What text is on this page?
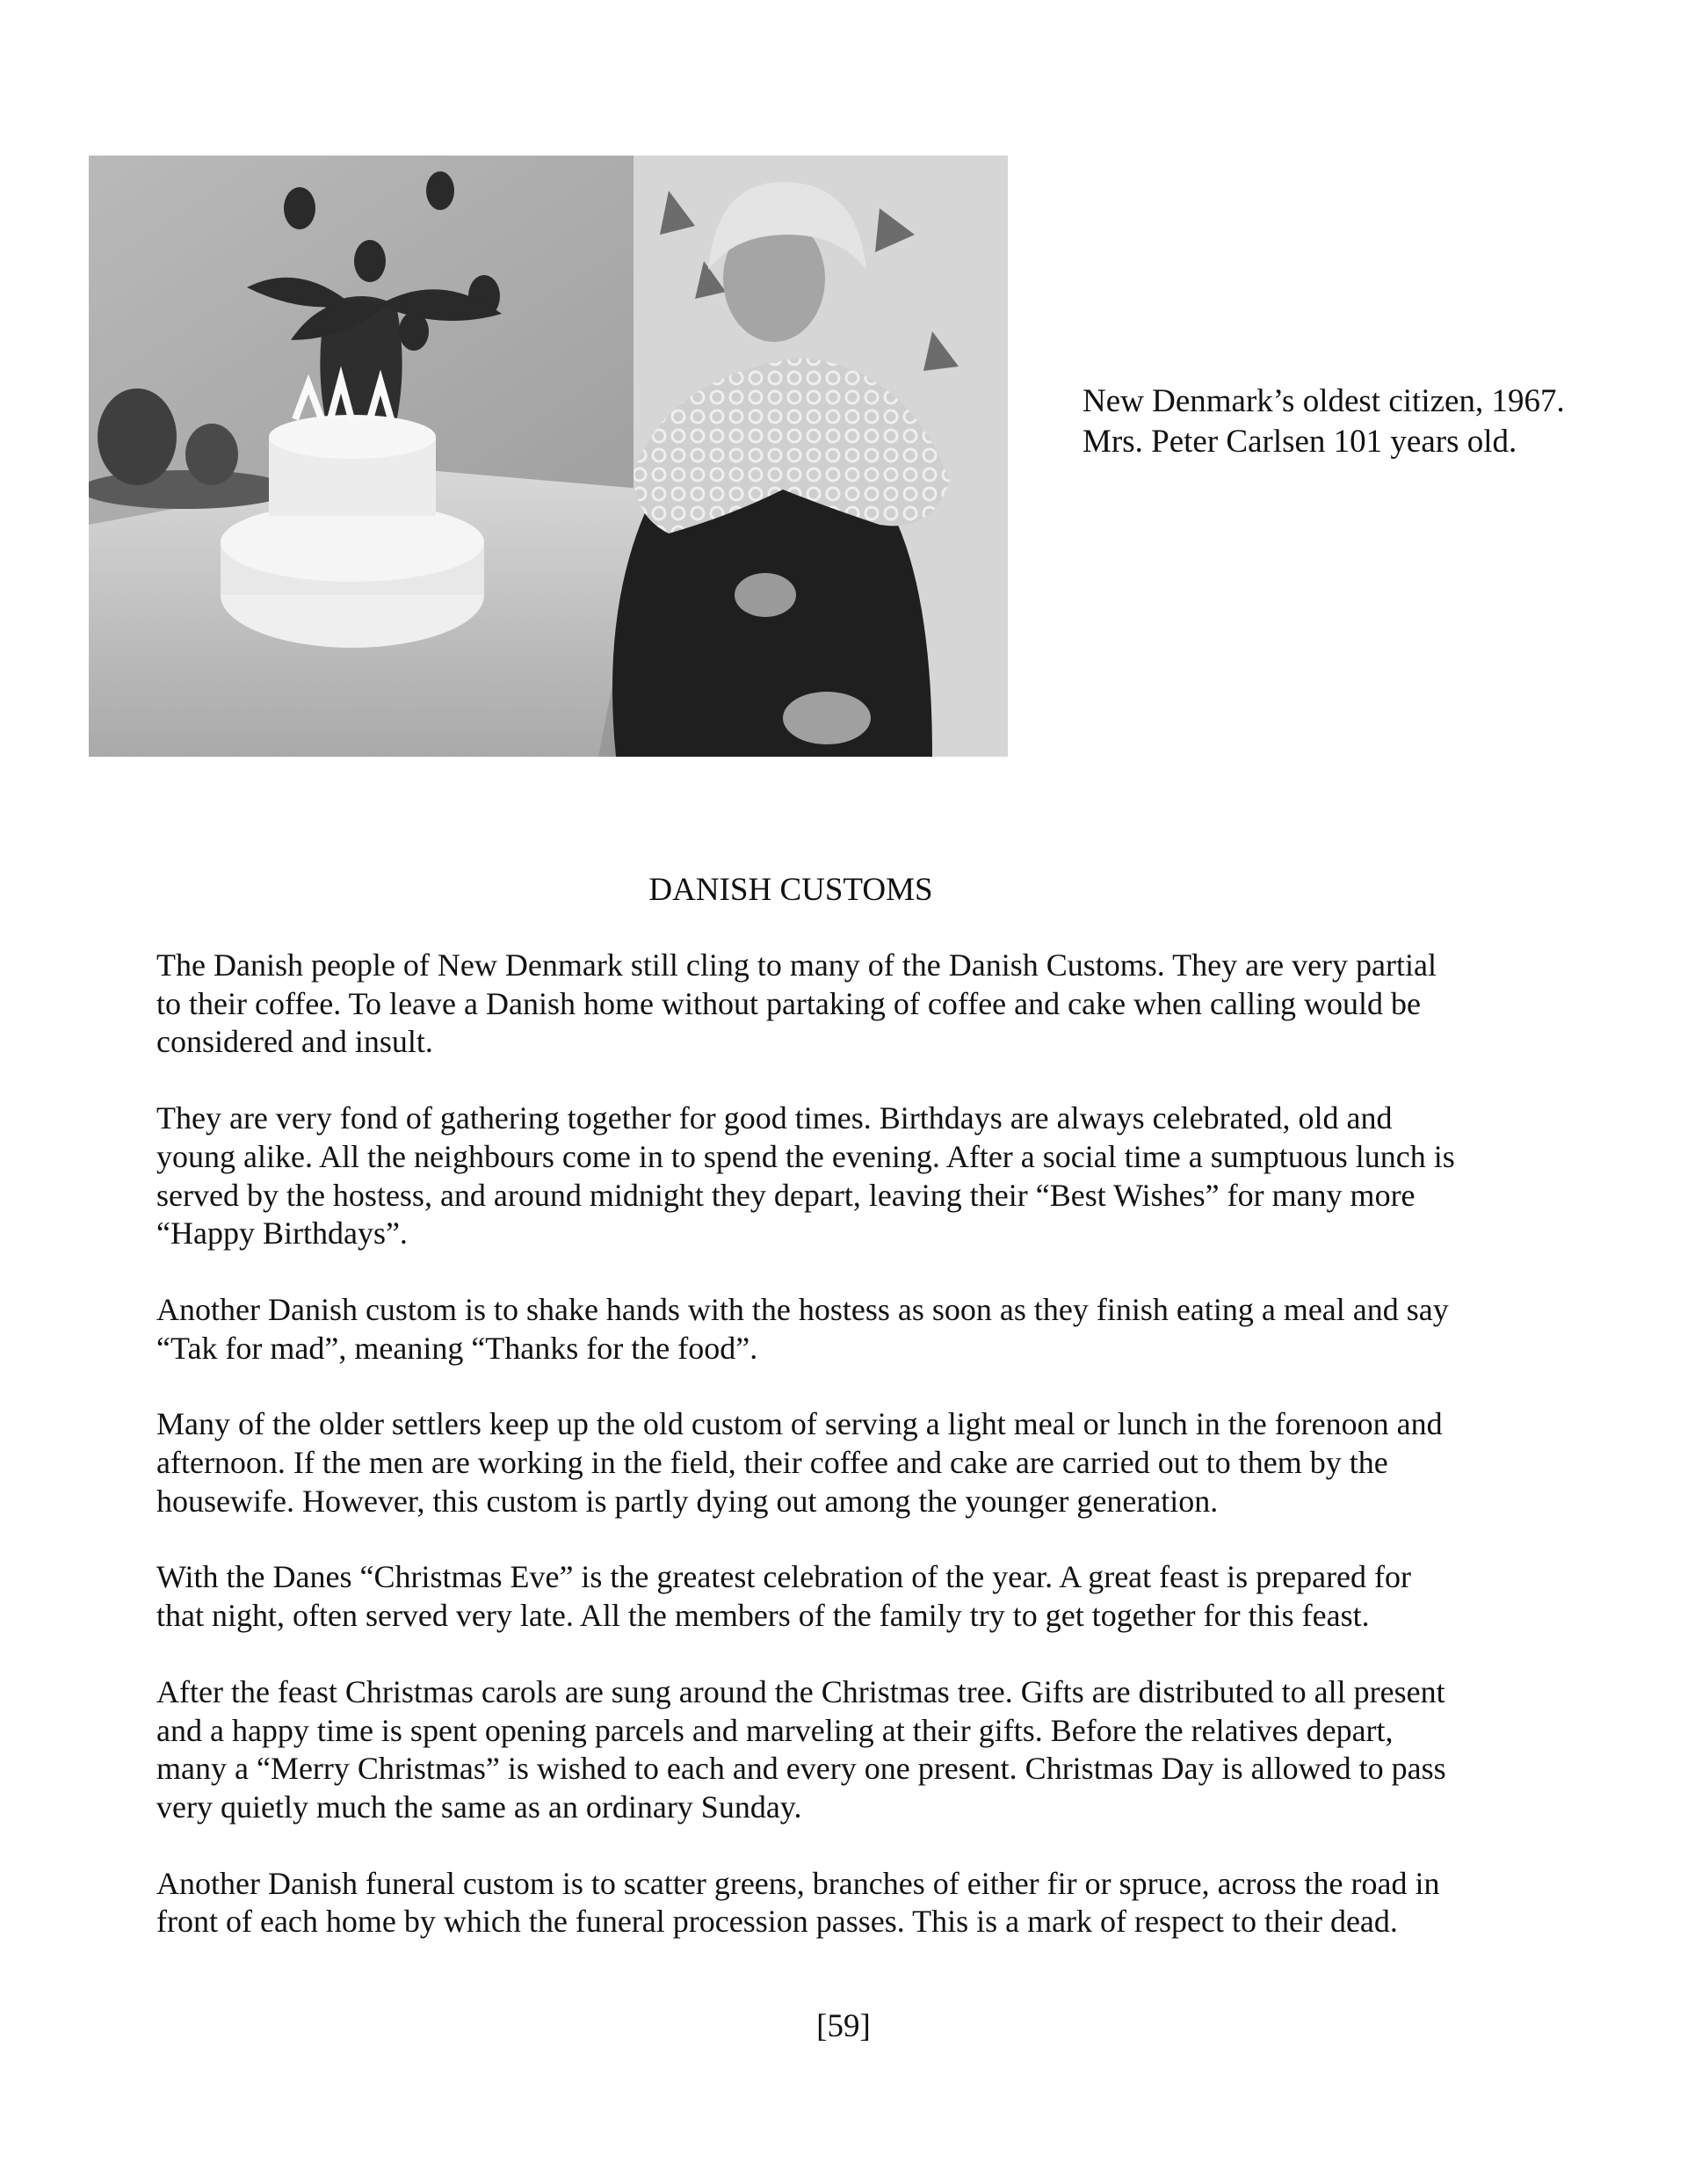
New Denmark’s oldest citizen, 1967.
Mrs. Peter Carlsen 101 years old.
DANISH CUSTOMS
The Danish people of New Denmark still cling to many of the Danish Customs. They are very partial
to their coffee. To leave a Danish home without partaking of coffee and cake when calling would be
considered and insult.
They are very fond of gathering together for good times. Birthdays are always celebrated, old and
young alike. All the neighbours come in to spend the evening. After a social time a sumptuous lunch is
served by the hostess, and around midnight they depart, leaving their “Best Wishes” for many more
“Happy Birthdays”.
Another Danish custom is to shake hands with the hostess as soon as they finish eating a meal and say
“Tak for mad”, meaning “Thanks for the food”.
Many of the older settlers keep up the old custom of serving a light meal or lunch in the forenoon and
afternoon. If the men are working in the field, their coffee and cake are carried out to them by the
housewife. However, this custom is partly dying out among the younger generation.
With the Danes “Christmas Eve” is the greatest celebration of the year. A great feast is prepared for
that night, often served very late. All the members of the family try to get together for this feast.
After the feast Christmas carols are sung around the Christmas tree. Gifts are distributed to all present
and a happy time is spent opening parcels and marveling at their gifts. Before the relatives depart,
many a “Merry Christmas” is wished to each and every one present. Christmas Day is allowed to pass
very quietly much the same as an ordinary Sunday.
Another Danish funeral custom is to scatter greens, branches of either fir or spruce, across the road in
front of each home by which the funeral procession passes. This is a mark of respect to their dead.
[59]
